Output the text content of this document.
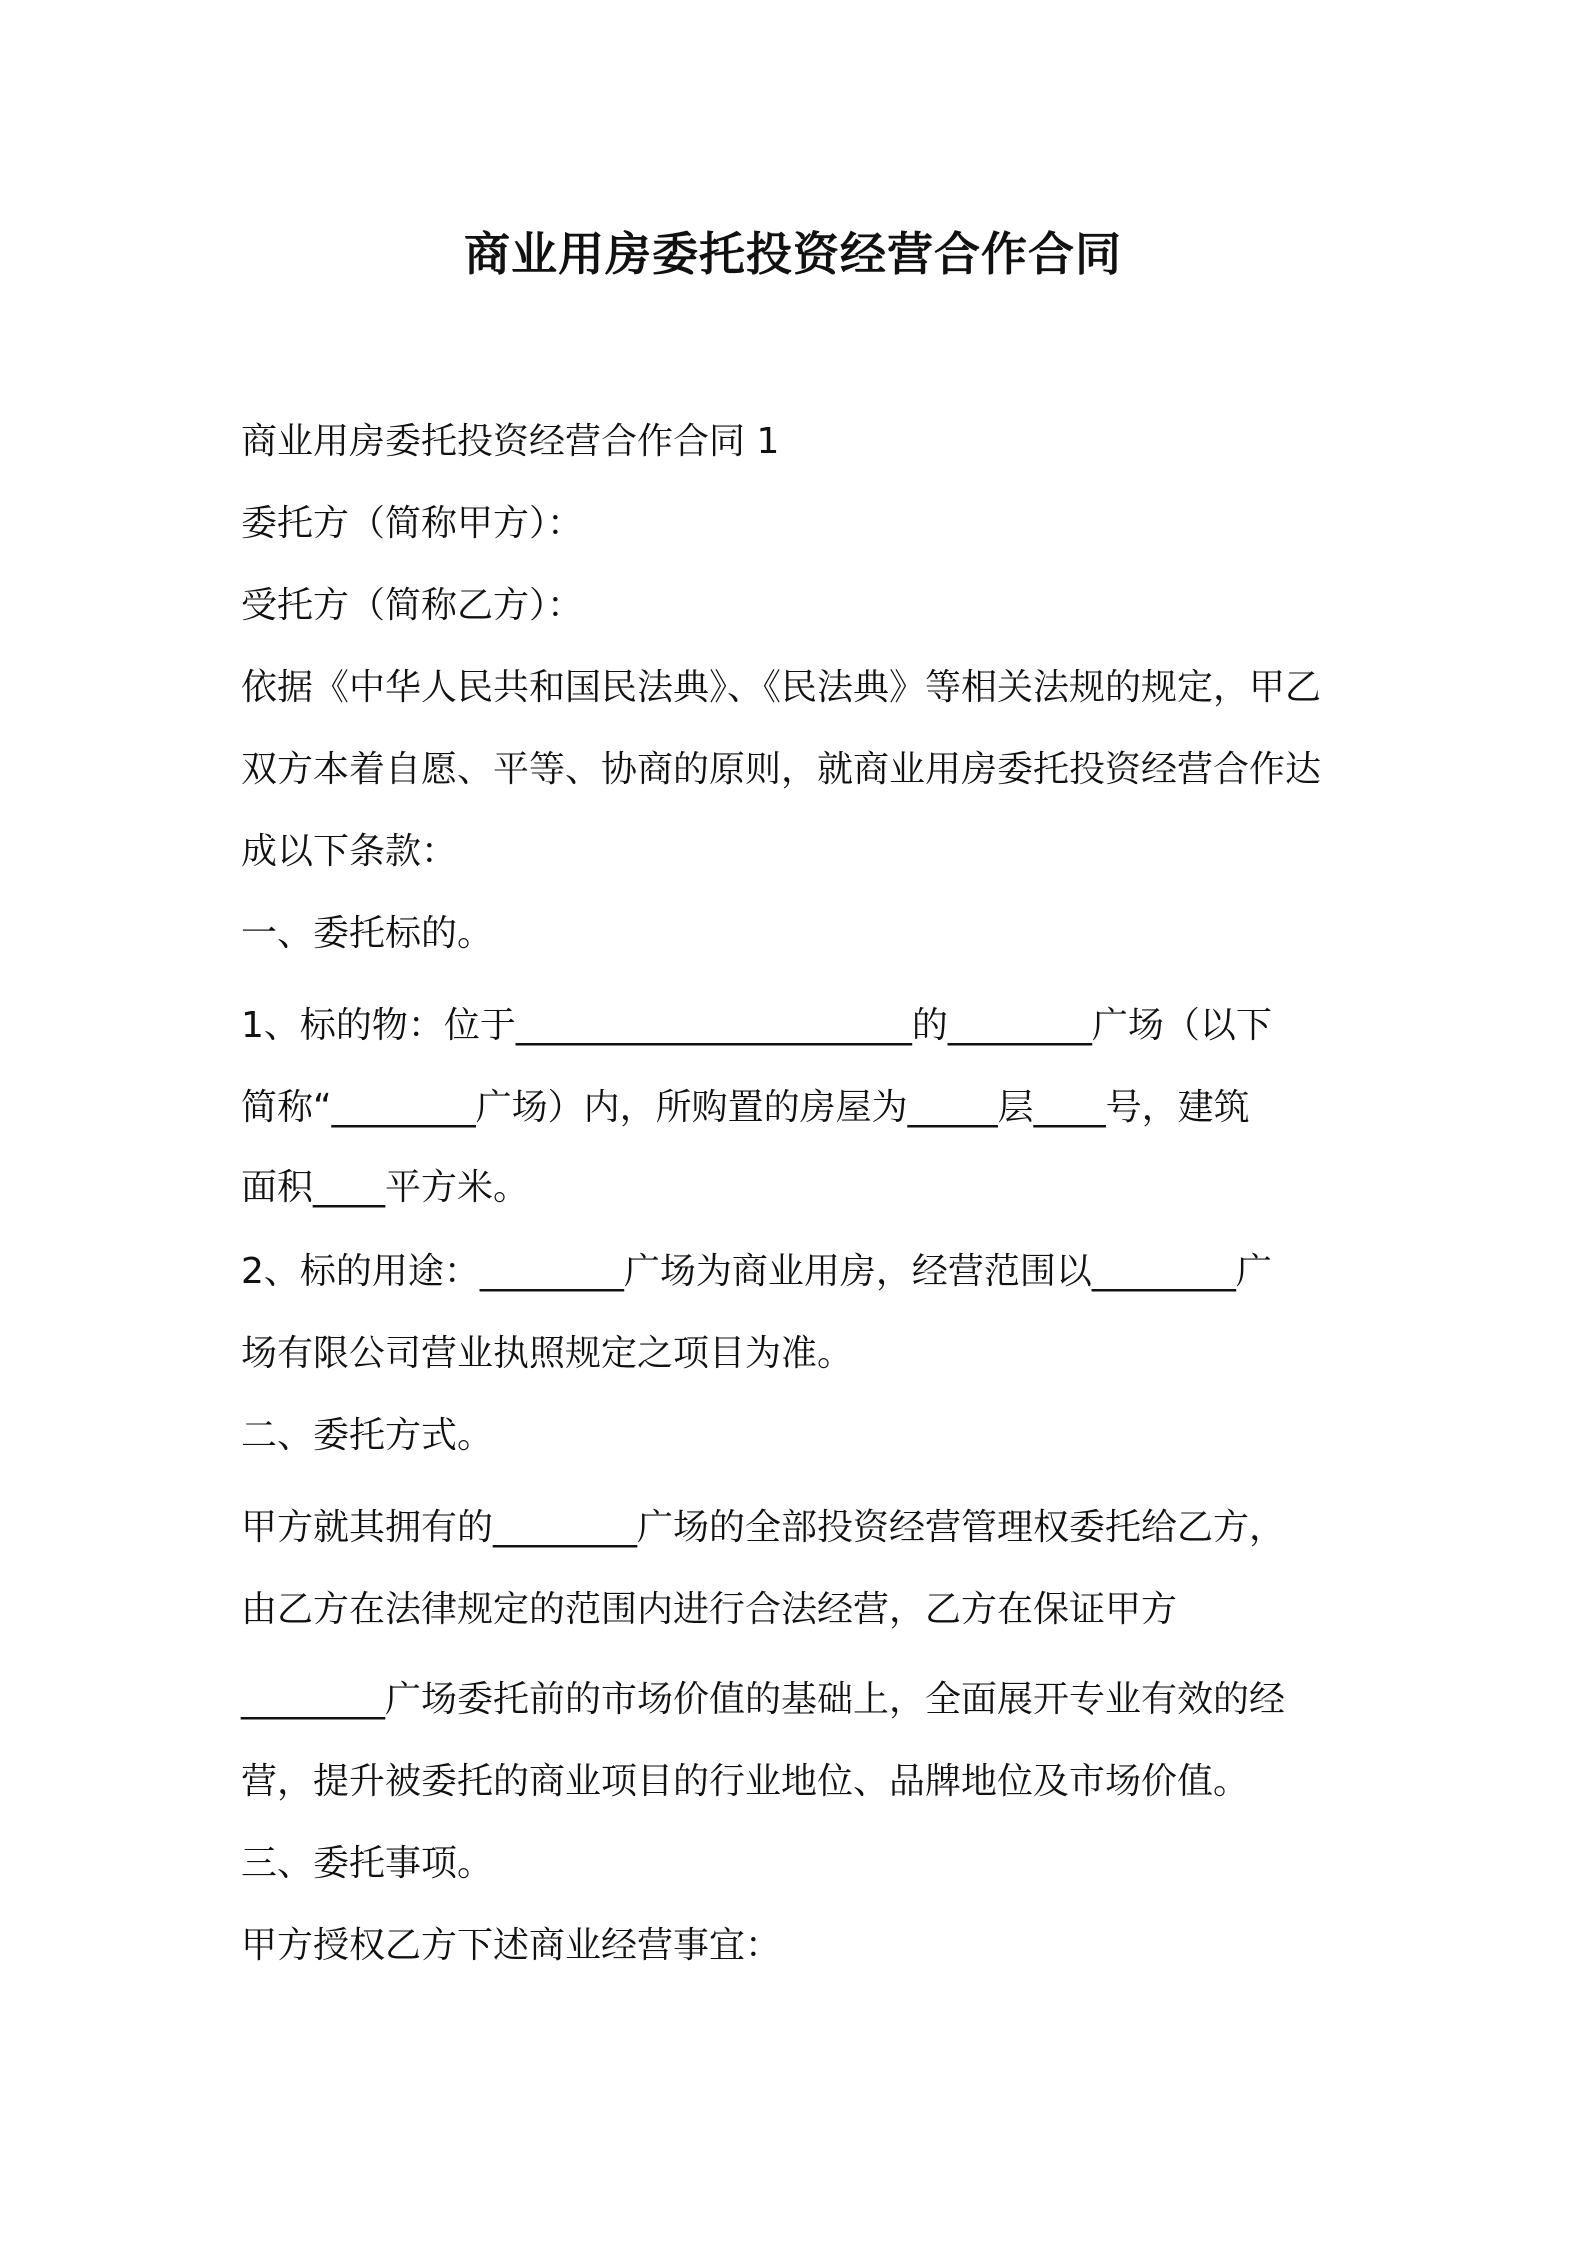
商业用房委托投资经营合作合同

商业用房委托投资经营合作合同 1

委托方（简称甲方）：

受托方（简称乙方）：

依据《中华人民共和国民法典》、《民法典》等相关法规的规定，甲乙

双方本着自愿、平等、协商的原则，就商业用房委托投资经营合作达

成以下条款：

一、委托标的。

1、标的物：位于______________________的________广场（以下

简称“________广场）内，所购置的房屋为_____层____号，建筑

面积____平方米。

2、标的用途：________广场为商业用房，经营范围以________广

场有限公司营业执照规定之项目为准。

二、委托方式。

甲方就其拥有的________广场的全部投资经营管理权委托给乙方，

由乙方在法律规定的范围内进行合法经营，乙方在保证甲方

________广场委托前的市场价值的基础上，全面展开专业有效的经

营，提升被委托的商业项目的行业地位、品牌地位及市场价值。

三、委托事项。

甲方授权乙方下述商业经营事宜：
